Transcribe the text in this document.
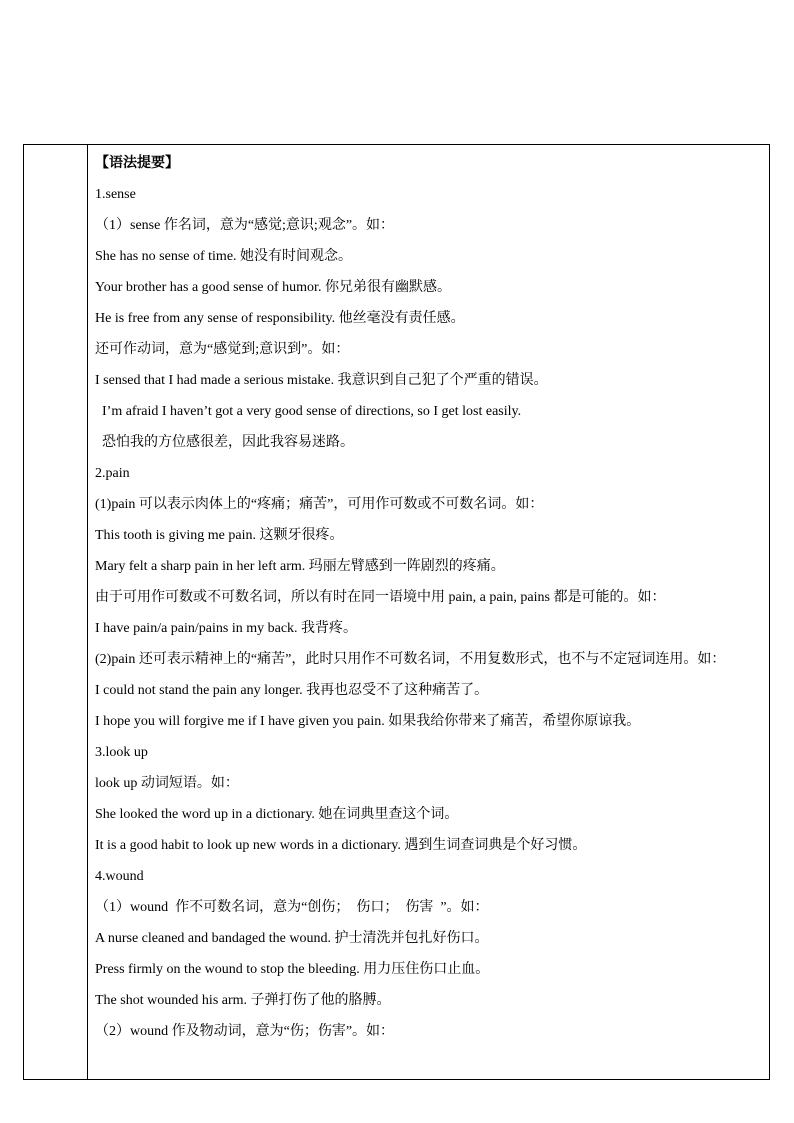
【语法提要】

1.sense

（1）sense 作名词，意为“感觉;意识;观念”。如：

She has no sense of time. 她没有时间观念。

Your brother has a good sense of humor. 你兄弟很有幽默感。

He is free from any sense of responsibility. 他丝毫没有责任感。

还可作动词，意为“感觉到;意识到”。如：

I sensed that I had made a serious mistake. 我意识到自己犯了个严重的错误。

I’m afraid I haven’t got a very good sense of directions, so I get lost easily.

恐怕我的方位感很差，因此我容易迷路。

2.pain

(1)pain 可以表示肉体上的“疼痛；痛苦”，可用作可数或不可数名词。如：

This tooth is giving me pain. 这颗牙很疼。

Mary felt a sharp pain in her left arm. 玛丽左臂感到一阵剧烈的疼痛。

由于可用作可数或不可数名词，所以有时在同一语境中用 pain, a pain, pains 都是可能的。如：

I have pain/a pain/pains in my back. 我背疼。

(2)pain 还可表示精神上的“痛苦”，此时只用作不可数名词，不用复数形式，也不与不定冠词连用。如：

I could not stand the pain any longer. 我再也忍受不了这种痛苦了。

I hope you will forgive me if I have given you pain. 如果我给你带来了痛苦，希望你原谅我。

3.look up

look up 动词短语。如：

She looked the word up in a dictionary. 她在词典里查这个词。

It is a good habit to look up new words in a dictionary. 遇到生词查词典是个好习惯。

4.wound

（1）wound  作不可数名词，意为“创伤；  伤口；  伤害  ”。如：

A nurse cleaned and bandaged the wound. 护士清洗并包扎好伤口。

Press firmly on the wound to stop the bleeding. 用力压住伤口止血。

The shot wounded his arm. 子弹打伤了他的胳膊。

（2）wound 作及物动词，意为“伤；伤害”。如：
